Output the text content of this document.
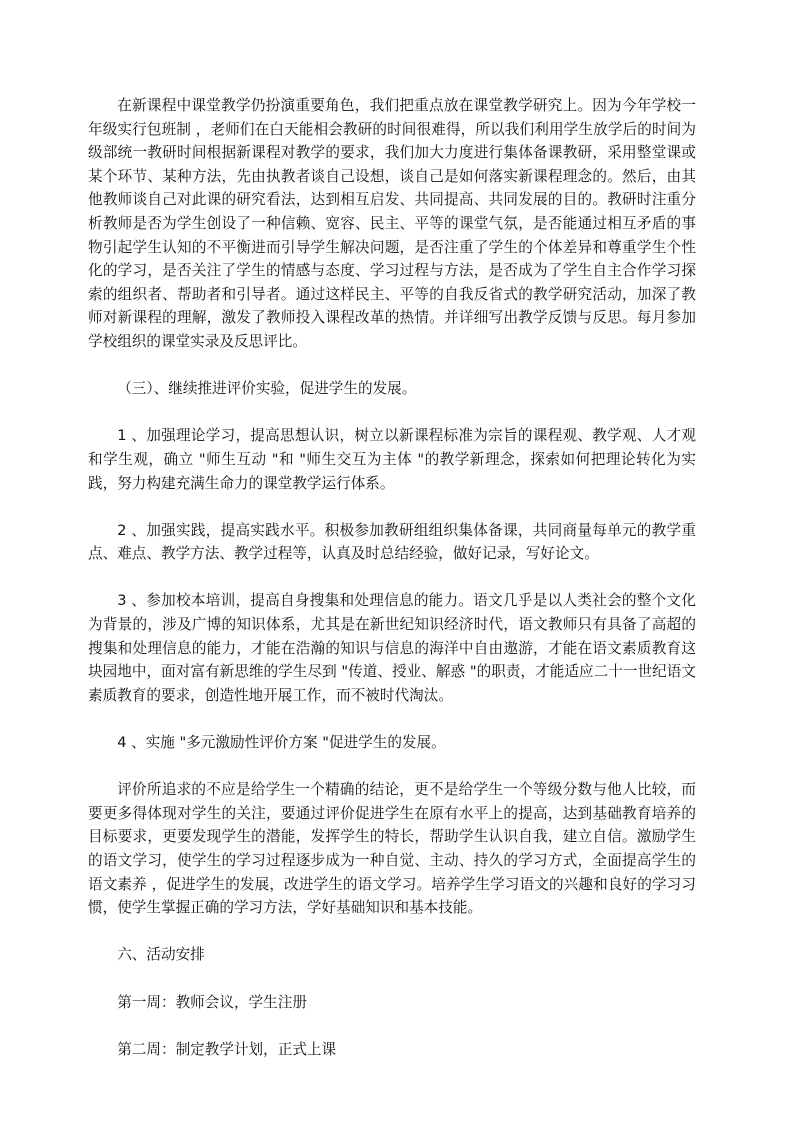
在新课程中课堂教学仍扮演重要角色，我们把重点放在课堂教学研究上。因为今年学校一年级实行包班制 ，老师们在白天能相会教研的时间很难得，所以我们利用学生放学后的时间为级部统一教研时间根据新课程对教学的要求，我们加大力度进行集体备课教研，采用整堂课或某个环节、某种方法，先由执教者谈自己设想，谈自己是如何落实新课程理念的。然后，由其他教师谈自己对此课的研究看法，达到相互启发、共同提高、共同发展的目的。教研时注重分析教师是否为学生创设了一种信赖、宽容、民主、平等的课堂气氛，是否能通过相互矛盾的事物引起学生认知的不平衡进而引导学生解决问题，是否注重了学生的个体差异和尊重学生个性化的学习，是否关注了学生的情感与态度、学习过程与方法，是否成为了学生自主合作学习探索的组织者、帮助者和引导者。通过这样民主、平等的自我反省式的教学研究活动，加深了教师对新课程的理解，激发了教师投入课程改革的热情。并详细写出教学反馈与反思。每月参加学校组织的课堂实录及反思评比。

（三）、继续推进评价实验，促进学生的发展。

1 、加强理论学习，提高思想认识，树立以新课程标准为宗旨的课程观、教学观、人才观和学生观，确立 "师生互动 "和 "师生交互为主体 "的教学新理念，探索如何把理论转化为实践，努力构建充满生命力的课堂教学运行体系。

2 、加强实践，提高实践水平。积极参加教研组组织集体备课，共同商量每单元的教学重点、难点、教学方法、教学过程等，认真及时总结经验，做好记录，写好论文。

3 、参加校本培训，提高自身搜集和处理信息的能力。语文几乎是以人类社会的整个文化为背景的，涉及广博的知识体系，尤其是在新世纪知识经济时代，语文教师只有具备了高超的搜集和处理信息的能力，才能在浩瀚的知识与信息的海洋中自由遨游，才能在语文素质教育这块园地中，面对富有新思维的学生尽到 "传道、授业、解惑 "的职责，才能适应二十一世纪语文素质教育的要求，创造性地开展工作，而不被时代淘汰。

4 、实施 "多元激励性评价方案 "促进学生的发展。

评价所追求的不应是给学生一个精确的结论，更不是给学生一个等级分数与他人比较，而要更多得体现对学生的关注，要通过评价促进学生在原有水平上的提高，达到基础教育培养的目标要求，更要发现学生的潜能，发挥学生的特长，帮助学生认识自我，建立自信。激励学生的语文学习，使学生的学习过程逐步成为一种自觉、主动、持久的学习方式，全面提高学生的语文素养 ，促进学生的发展，改进学生的语文学习。培养学生学习语文的兴趣和良好的学习习惯，使学生掌握正确的学习方法，学好基础知识和基本技能。

六、活动安排

第一周：教师会议，学生注册

第二周：制定教学计划，正式上课
